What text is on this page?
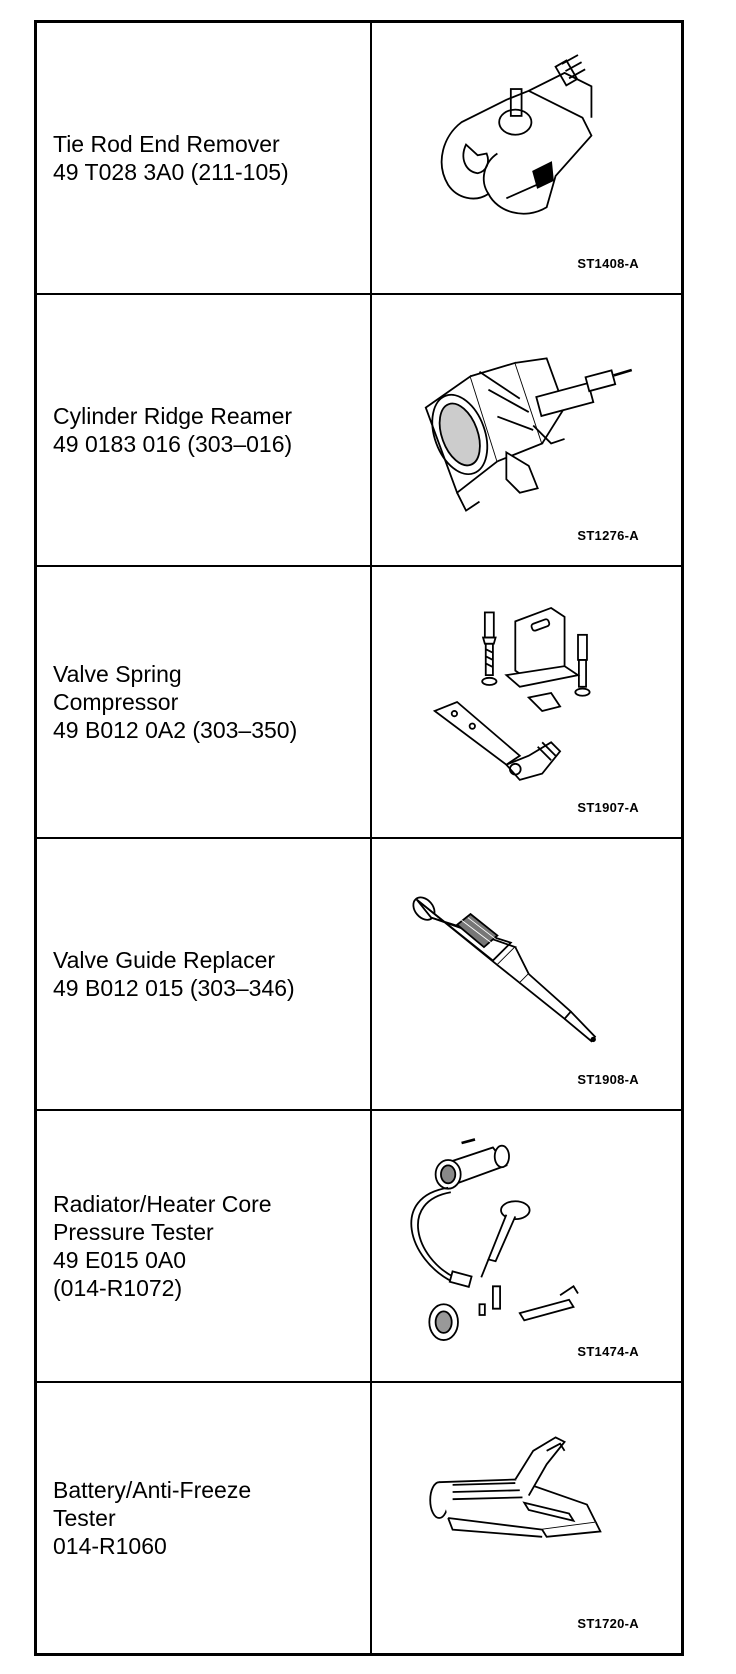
Tie Rod End Remover
49 T028 3A0 (211-105)
ST1408-A
Cylinder Ridge Reamer
49 0183 016 (303–016)
ST1276-A
Valve Spring
Compressor
49 B012 0A2 (303–350)
ST1907-A
Valve Guide Replacer
49 B012 015 (303–346)
ST1908-A
Radiator/Heater Core
Pressure Tester
49 E015 0A0
(014-R1072)
ST1474-A
Battery/Anti-Freeze
Tester
014-R1060
ST1720-A
